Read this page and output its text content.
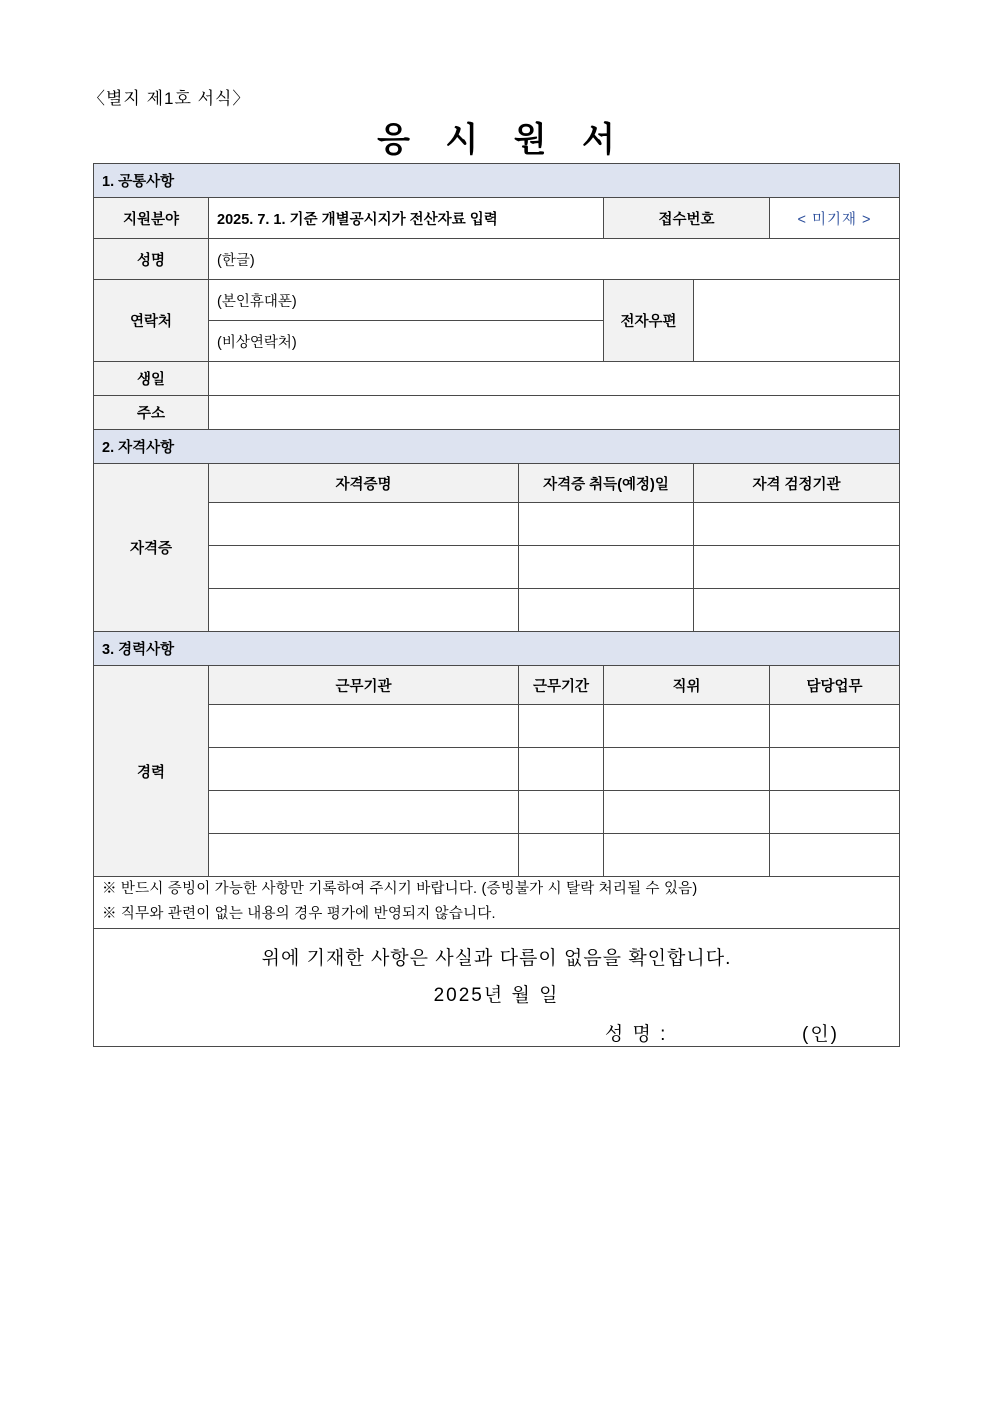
〈별지 제1호 서식〉
응 시 원 서
1. 공통사항					
지원분야	2025. 7. 1. 기준 개별공시지가 전산자료 입력		접수번호		< 미기재 >
성명	(한글)				
연락처	(본인휴대폰)		전자우편		
	(비상연락처)				
생일					
주소					
2. 자격사항					
자격증	자격증명	자격증 취득(예정)일		자격 검정기관	

3. 경력사항					
경력	근무기관	근무기간	직위		담당업무

※ 반드시 증빙이 가능한 사항만 기록하여 주시기 바랍니다. (증빙불가 시 탈락 처리될 수 있음)
※ 직무와 관련이 없는 내용의 경우 평가에 반영되지 않습니다.					

위에 기재한 사항은 사실과 다름이 없음을 확인합니다.
2025년 월 일
성 명 : (인)					
